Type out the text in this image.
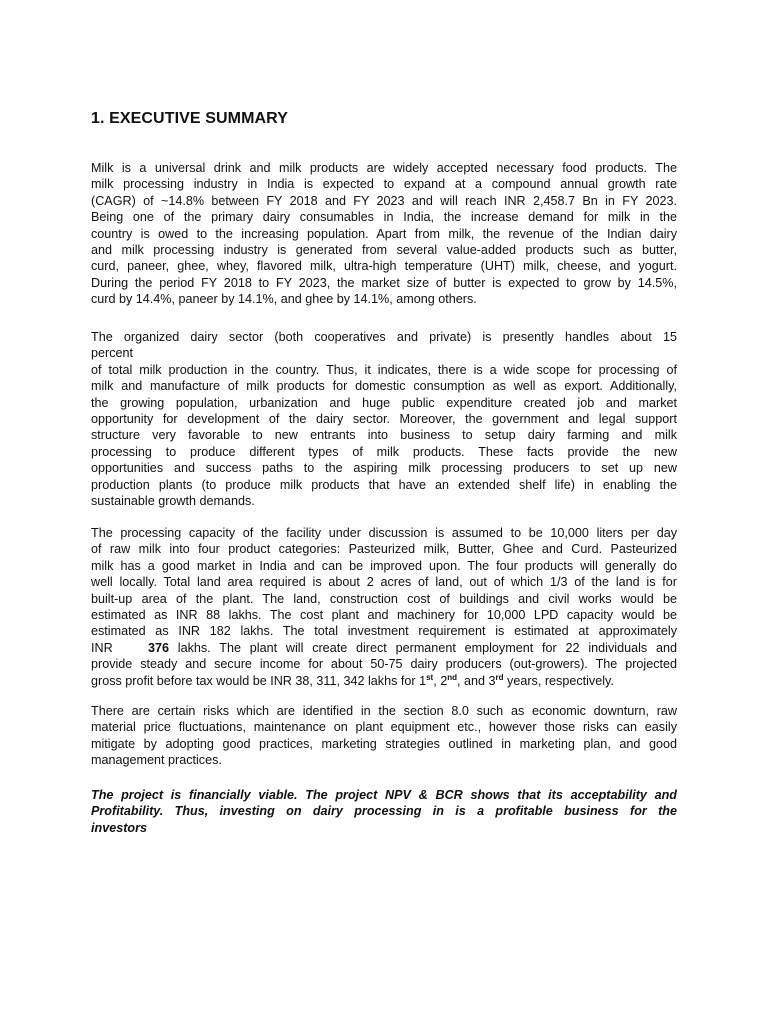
1. EXECUTIVE SUMMARY
Milk is a universal drink and milk products are widely accepted necessary food products. The
milk processing industry in India is expected to expand at a compound annual growth rate
(CAGR) of ~14.8% between FY 2018 and FY 2023 and will reach INR 2,458.7 Bn in FY 2023.
Being one of the primary dairy consumables in India, the increase demand for milk in the
country is owed to the increasing population. Apart from milk, the revenue of the Indian dairy
and milk processing industry is generated from several value-added products such as butter,
curd, paneer, ghee, whey, flavored milk, ultra-high temperature (UHT) milk, cheese, and yogurt.
During the period FY 2018 to FY 2023, the market size of butter is expected to grow by 14.5%,
curd by 14.4%, paneer by 14.1%, and ghee by 14.1%, among others.
The organized dairy sector (both cooperatives and private) is presently handles about 15
percent
of total milk production in the country. Thus, it indicates, there is a wide scope for processing of
milk and manufacture of milk products for domestic consumption as well as export. Additionally,
the growing population, urbanization and huge public expenditure created job and market
opportunity for development of the dairy sector. Moreover, the government and legal support
structure very favorable to new entrants into business to setup dairy farming and milk
processing to produce different types of milk products. These facts provide the new
opportunities and success paths to the aspiring milk processing producers to set up new
production plants (to produce milk products that have an extended shelf life) in enabling the
sustainable growth demands.
The processing capacity of the facility under discussion is assumed to be 10,000 liters per day
of raw milk into four product categories: Pasteurized milk, Butter, Ghee and Curd. Pasteurized
milk has a good market in India and can be improved upon. The four products will generally do
well locally. Total land area required is about 2 acres of land, out of which 1/3 of the land is for
built-up area of the plant. The land, construction cost of buildings and civil works would be
estimated as INR 88 lakhs. The cost plant and machinery for 10,000 LPD capacity would be
estimated as INR 182 lakhs. The total investment requirement is estimated at approximately
INR	376 lakhs. The plant will create direct permanent employment for 22 individuals and
provide steady and secure income for about 50-75 dairy producers (out-growers). The projected
gross profit before tax would be INR 38, 311, 342 lakhs for 1st, 2nd, and 3rd years, respectively.
There are certain risks which are identified in the section 8.0 such as economic downturn, raw
material price fluctuations, maintenance on plant equipment etc., however those risks can easily
mitigate by adopting good practices, marketing strategies outlined in marketing plan, and good
management practices.
The project is financially viable. The project NPV & BCR shows that its acceptability and
Profitability. Thus, investing on dairy processing in is a profitable business for the
investors
